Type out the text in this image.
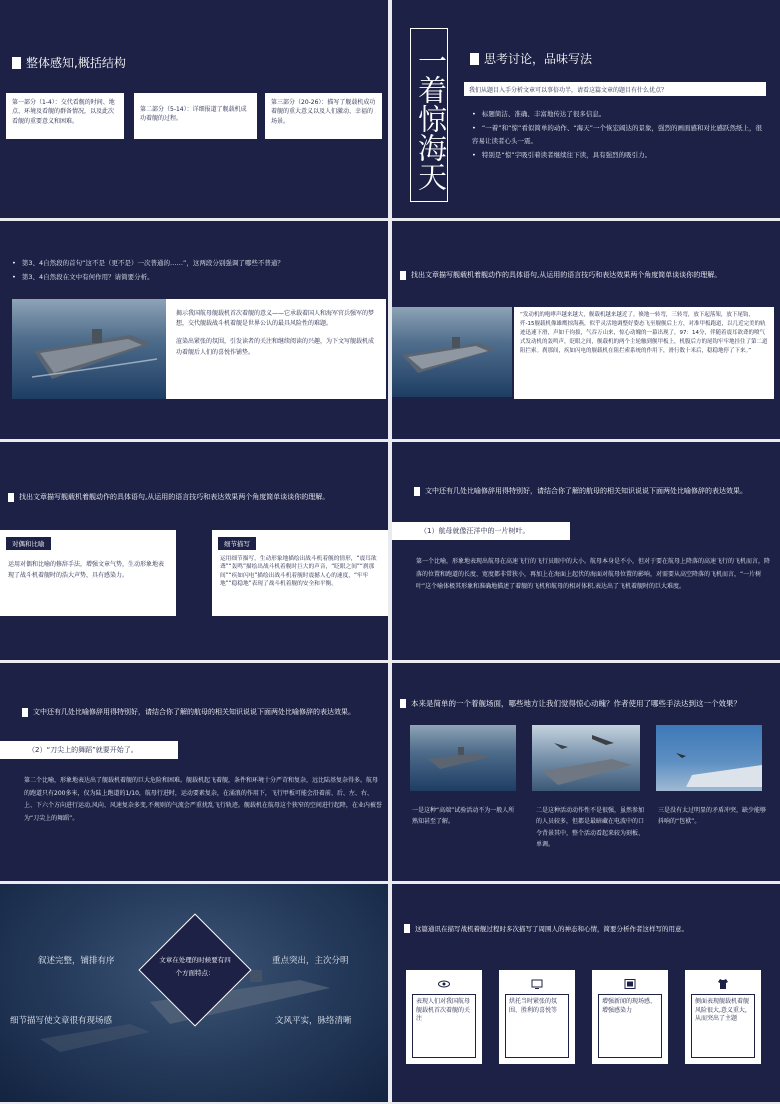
整体感知,概括结构
第一部分（1-4）：交代看舰的时间、地点、环境及看舰的群备情况，以及此次看舰的重要意义和困难。
第二部分（5-14）：详细报道了舰载机成功着舰的过程。
第三部分（20-26）：描写了舰载机成功着舰的重大意义以及人们激动、幸福的场景。	一着惊海天	思考讨论，品味写法
我们从题目入手分析文章可以事倍功半，请看这篇文章的题目有什么优点？
• 标题简洁、准确、丰富地传达了很多信息。
• “一着”和“惊”看似简单的动作、“海天”一个恢宏阔达的景象，强烈的画面感和对比感跃然纸上，很容易让读者心头一震。
• 特别是“惊”字吸引着读者继续往下读，具有强烈的吸引力。
• 第3、4自然段的首句“这不是（更不是）一次普通的……”，这两段分别强调了哪些不普通？
• 第3、4自然段在文中有何作用？请简要分析。

揭示我国航母舰载机首次着舰的意义——它承载着国人和海军官兵强军的梦想，交代舰载战斗机着舰是世界公认的最具风险性的难题。

渲染出紧张的氛围，引发读者的关注和继续阅读的兴趣，为下文写舰载机成功着舰后人们的喜悦作铺垫。

找出文章描写舰载机着舰动作的具体语句,从运用的语言技巧和表达效果两个角度简单谈谈你的理解。
“发动机的咆哮声越来越大，舰载机越来越近了。倏地一转弯，三转弯，放下起落架，放下尾钩，歼-15舰载机像雄鹰掠海燕，似乎灵活地调整好姿态飞至舰舰后上方，对准甲板跑道，以几近完美的轨迹迅速下滑，声如千钧拔，气吞万山来，惊心动魄的一幕出现了，97：14分，伴随着震耳欲聋的喷气式发动机的轰鸣声，眨眼之间，舰载机的两个主轮触到舰甲板上，机腹后方的尾钩牢牢地挂住了第二道阻拦索。刹那间，疾如闪电的舰载机在阻拦索系统的作用下，滑行数十米后，稳稳地停了下来。”
找出文章描写舰载机着舰动作的具体语句,从运用的语言技巧和表达效果两个角度简单谈谈你的理解。
对偶和比喻
运用对偶和比喻的修辞手法，增强文章气势，生动形象地表现了战斗机着舰时的浩大声势，具有感染力。
细节描写
运用细节描写，生动形象地描绘出战斗机着舰的情形，“震耳欲聋”“轰鸣”描绘出战斗机着舰时巨大的声音，“眨眼之间”“刹那间”“疾如闪电”描绘出战斗机着舰时震撼人心的速度，“牢牢地”“稳稳地”表现了战斗机着舰的安全和平衡。
文中还有几处比喻修辞用得特别好，请结合你了解的航母的相关知识说说下面两处比喻修辞的表达效果。
（1）航母就像汪洋中的一片树叶。
第一个比喻，形象地表现出航母在高速飞行的飞行员眼中的大小。航母本身是不小，但对于要在航母上降落的高速飞行的飞机而言，降落的位置和跑道的长度、宽度都非常狭小，再加上在海面上起伏的海面对航母位置的影响，对需要从高空降落的飞机而言，“一片树叶”这个喻体极其形象和准确地描述了着舰的飞机和航母的相对体积,表达出了飞机着舰时的巨大难度。
文中还有几处比喻修辞用得特别好，请结合你了解的航母的相关知识说说下面两处比喻修辞的表达效果。
（2）“刀尖上的舞蹈”就要开始了。
第二个比喻，形象地表达出了舰载机着舰的巨大危险和困难。舰载机起飞着舰，条件和环境十分严苛和复杂，远比陆基复杂得多。航母的跑道只有200多米，仅为陆上跑道的1/10，航母行进时，运动要素复杂，在涌浪的作用下，飞行甲板可能会沿着前、后、左、右、上、下六个方向进行运动,风向、风速复杂多变,不规则的气流会严重扰乱飞行轨迹。舰载机在航母这个狭窄的空间进行起降，在业内被誉为“刀尖上的舞蹈”。
本来是简单的一个着舰场面，哪些地方让我们觉得惊心动魄？作者使用了哪些手法达到这一个效果？
一是这种“高端”试验活动不为一般人所熟知甚至了解。
二是这种活动动作性不是很强，虽然参加的人员较多，但都是最暗藏在电波中的口令背景其中，整个活动看起来较为刻板、单调。
三是没有太过明显的矛盾冲突，缺少能够抖响的“包袱”。
文章在处理的时候要有四个方面特点：
叙述完整，铺排有序	重点突出，主次分明
细节描写使文章很有现场感	文风平实，脉络清晰
这篇通讯在描写战机着舰过程时多次描写了周围人的神态和心情，简要分析作者这样写的用意。
表现人们对我国航母舰载机首次着舰的关注
烘托当时紧张的氛围、胜利的喜悦等
增强新闻的现场感、增强感染力
侧面表现舰载机着舰风险很大,意义重大，从而突出了主题
